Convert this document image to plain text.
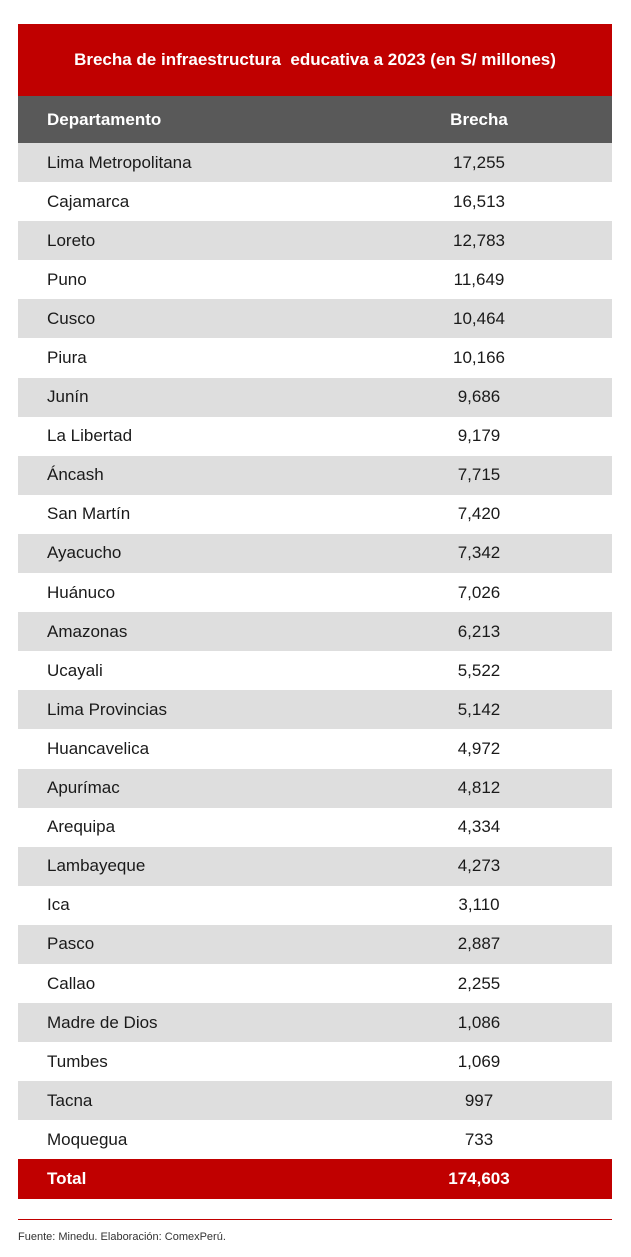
Brecha de infraestructura  educativa a 2023 (en S/ millones)
Departamento	Brecha
Lima Metropolitana	17,255
Cajamarca	16,513
Loreto	12,783
Puno	11,649
Cusco	10,464
Piura	10,166
Junín	9,686
La Libertad	9,179
Áncash	7,715
San Martín	7,420
Ayacucho	7,342
Huánuco	7,026
Amazonas	6,213
Ucayali	5,522
Lima Provincias	5,142
Huancavelica	4,972
Apurímac	4,812
Arequipa	4,334
Lambayeque	4,273
Ica	3,110
Pasco	2,887
Callao	2,255
Madre de Dios	1,086
Tumbes	1,069
Tacna	997
Moquegua	733
Total	174,603
Fuente: Minedu. Elaboración: ComexPerú.
